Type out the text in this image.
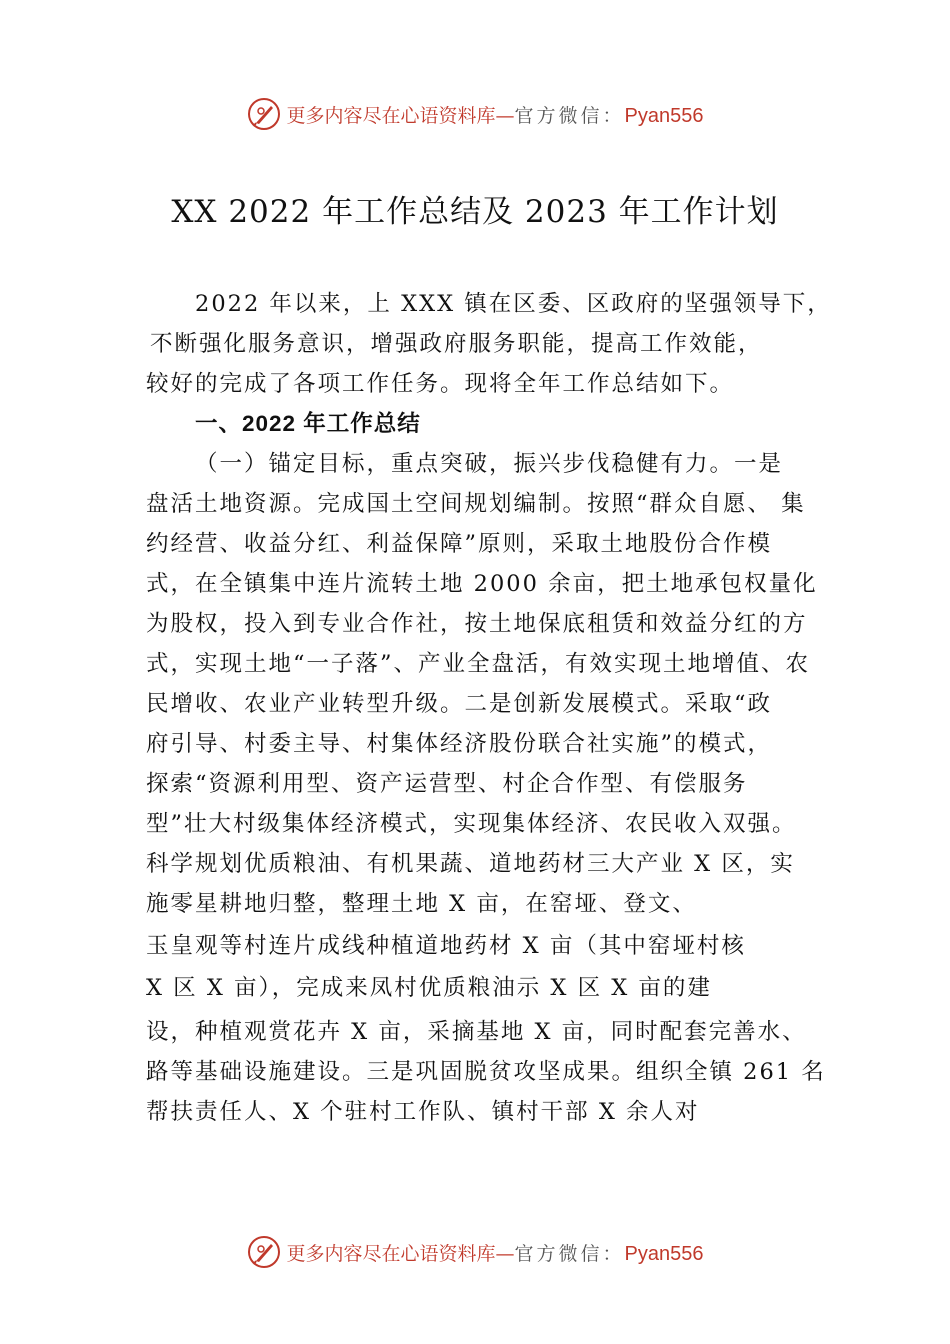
更多内容尽在心语资料库—官方微信：Pyan556
XX 2022 年工作总结及 2023 年工作计划
2022 年以来，上 XXX 镇在区委、区政府的坚强领导下，
不断强化服务意识，增强政府服务职能，提高工作效能，
较好的完成了各项工作任务。现将全年工作总结如下。
一、2022 年工作总结
（一）锚定目标，重点突破，振兴步伐稳健有力。一是
盘活土地资源。完成国土空间规划编制。按照“群众自愿、 集
约经营、收益分红、利益保障”原则，采取土地股份合作模
式，在全镇集中连片流转土地 2000 余亩，把土地承包权量化
为股权，投入到专业合作社，按土地保底租赁和效益分红的方
式，实现土地“一子落”、产业全盘活，有效实现土地增值、农
民增收、农业产业转型升级。二是创新发展模式。采取“政
府引导、村委主导、村集体经济股份联合社实施”的模式，
探索“资源利用型、资产运营型、村企合作型、有偿服务
型”壮大村级集体经济模式，实现集体经济、农民收入双强。
科学规划优质粮油、有机果蔬、道地药材三大产业 X 区，实
施零星耕地归整，整理土地 X 亩，在窑垭、登文、
玉皇观等村连片成线种植道地药材 X 亩（其中窑垭村核
X 区 X 亩），完成来凤村优质粮油示 X 区 X 亩的建
设，种植观赏花卉 X 亩，采摘基地 X 亩，同时配套完善水、
路等基础设施建设。三是巩固脱贫攻坚成果。组织全镇 261 名
帮扶责任人、X 个驻村工作队、镇村干部 X 余人对
更多内容尽在心语资料库—官方微信：Pyan556
